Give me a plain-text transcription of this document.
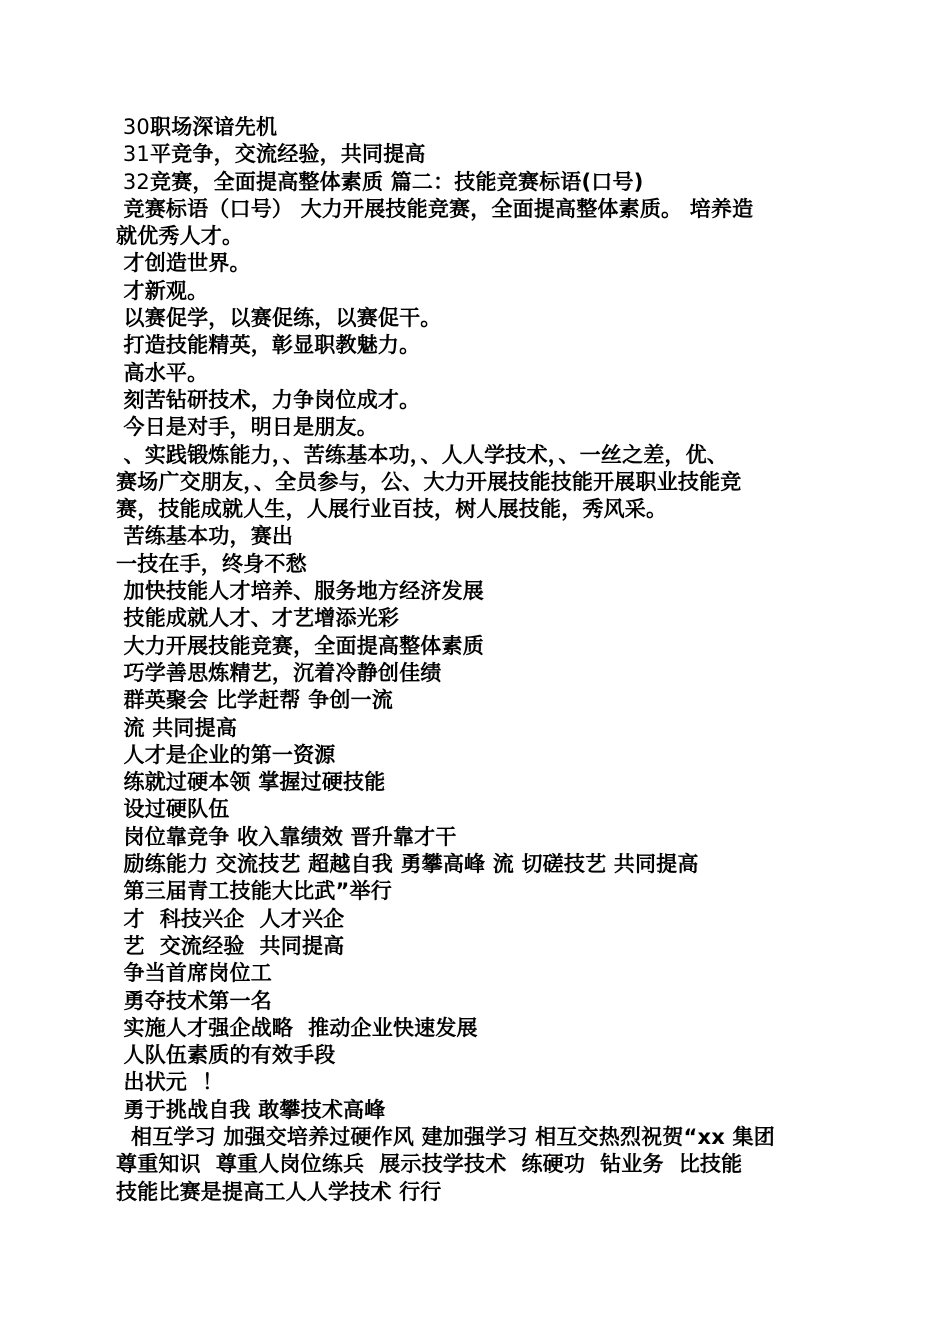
30职场深谙先机
31平竞争，交流经验，共同提高
32竞赛，全面提高整体素质 篇二：技能竞赛标语(口号)
竞赛标语（口号） 大力开展技能竞赛，全面提高整体素质。 培养造
就优秀人才。
才创造世界。
才新观。
以赛促学，以赛促练，以赛促干。
打造技能精英，彰显职教魅力。
高水平。
刻苦钻研技术，力争岗位成才。
今日是对手，明日是朋友。
、实践锻炼能力，、苦练基本功，、人人学技术，、一丝之差，优、
赛场广交朋友，、全员参与，公、大力开展技能技能开展职业技能竞
赛，技能成就人生，人展行业百技，树人展技能，秀风采。
苦练基本功，赛出
一技在手，终身不愁
加快技能人才培养、服务地方经济发展
技能成就人才、才艺增添光彩
大力开展技能竞赛，全面提高整体素质
巧学善思炼精艺，沉着冷静创佳绩
群英聚会 比学赶帮 争创一流
流 共同提高
人才是企业的第一资源
练就过硬本领 掌握过硬技能
设过硬队伍
岗位靠竞争 收入靠绩效 晋升靠才干
励练能力 交流技艺 超越自我 勇攀高峰 流 切磋技艺 共同提高
第三届青工技能大比武”举行
才  科技兴企  人才兴企
艺  交流经验  共同提高
争当首席岗位工
勇夺技术第一名
实施人才强企战略  推动企业快速发展
人队伍素质的有效手段
出状元  ！
勇于挑战自我 敢攀技术高峰
相互学习 加强交培养过硬作风 建加强学习 相互交热烈祝贺“xx 集团
尊重知识  尊重人岗位练兵  展示技学技术  练硬功  钻业务  比技能
技能比赛是提高工人人学技术 行行
